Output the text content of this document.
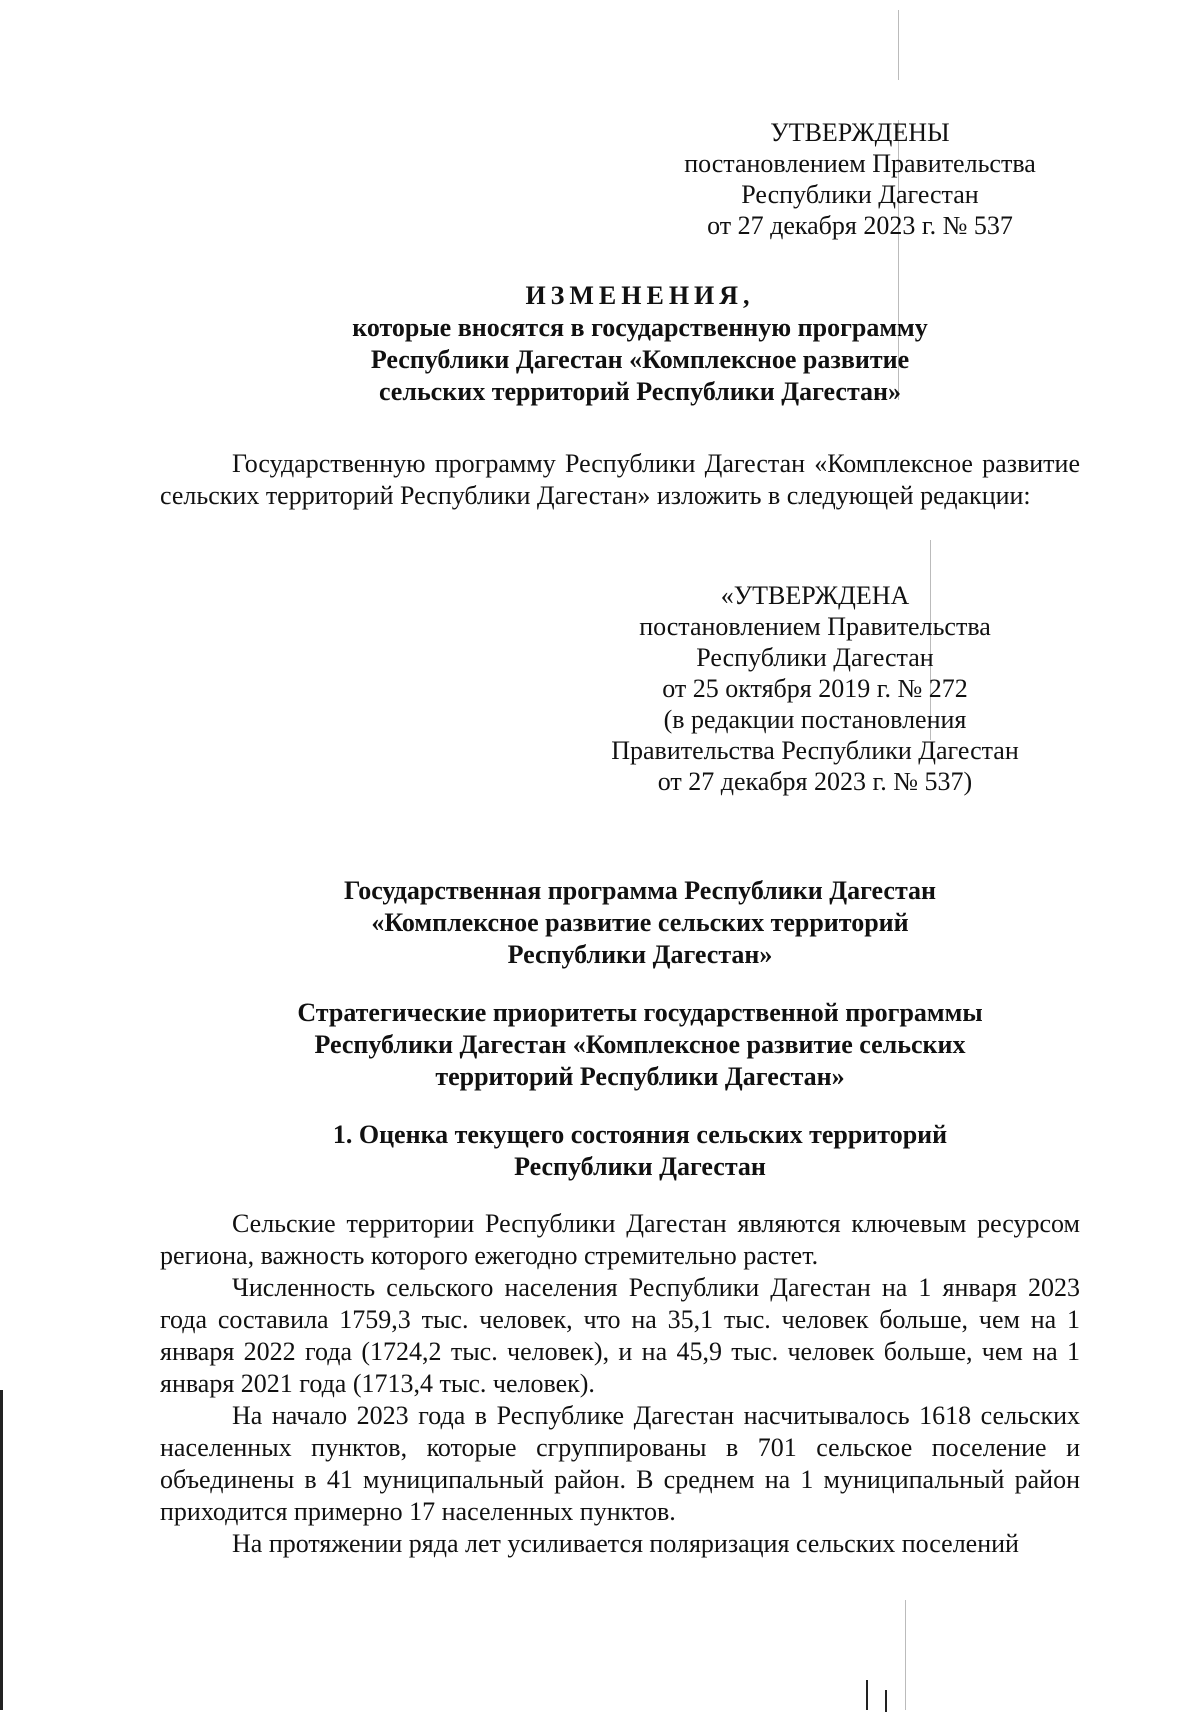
УТВЕРЖДЕНЫ
постановлением Правительства
Республики Дагестан
от 27 декабря 2023 г. № 537
ИЗМЕНЕНИЯ,
которые вносятся в государственную программу
Республики Дагестан «Комплексное развитие
сельских территорий Республики Дагестан»

Государственную программу Республики Дагестан «Комплексное развитие сельских территорий Республики Дагестан» изложить в следующей редакции:

«УТВЕРЖДЕНА
постановлением Правительства
Республики Дагестан
от 25 октября 2019 г. № 272
(в редакции постановления
Правительства Республики Дагестан
от 27 декабря 2023 г. № 537)
Государственная программа Республики Дагестан
«Комплексное развитие сельских территорий
Республики Дагестан»
Стратегические приоритеты государственной программы
Республики Дагестан «Комплексное развитие сельских
территорий Республики Дагестан»
1. Оценка текущего состояния сельских территорий
Республики Дагестан

Сельские территории Республики Дагестан являются ключевым ресурсом региона, важность которого ежегодно стремительно растет.

Численность сельского населения Республики Дагестан на 1 января 2023 года составила 1759,3 тыс. человек, что на 35,1 тыс. человек больше, чем на 1 января 2022 года (1724,2 тыс. человек), и на 45,9 тыс. человек больше, чем на 1 января 2021 года (1713,4 тыс. человек).

На начало 2023 года в Республике Дагестан насчитывалось 1618 сельских населенных пунктов, которые сгруппированы в 701 сельское поселение и объединены в 41 муниципальный район. В среднем на 1 муниципальный район приходится примерно 17 населенных пунктов.

На протяжении ряда лет усиливается поляризация сельских поселений
